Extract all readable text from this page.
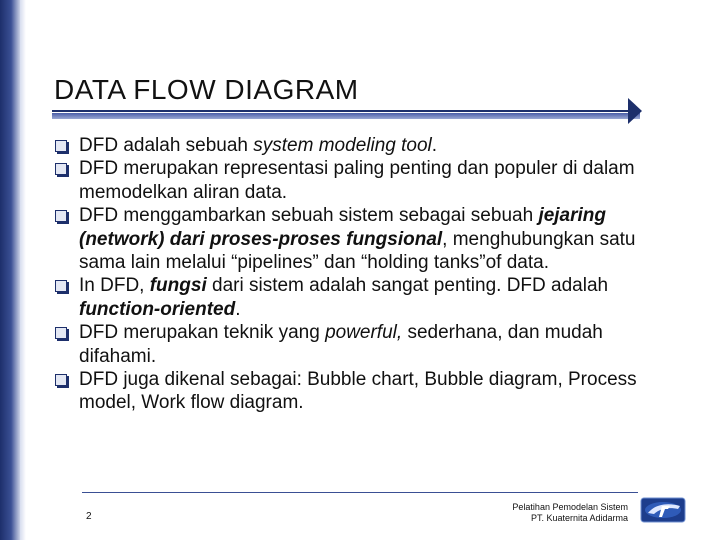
DATA FLOW DIAGRAM
DFD adalah sebuah system modeling tool.
DFD merupakan representasi paling penting dan populer di dalam memodelkan aliran data.
DFD menggambarkan sebuah sistem sebagai sebuah jejaring (network) dari proses-proses fungsional, menghubungkan satu sama lain melalui “pipelines” dan “holding tanks”of data.
In DFD, fungsi dari sistem adalah sangat penting. DFD adalah function-oriented.
DFD merupakan teknik yang powerful, sederhana, dan mudah difahami.
DFD juga dikenal sebagai: Bubble chart, Bubble diagram, Process model, Work flow diagram.
2
Pelatihan Pemodelan Sistem
PT. Kuaternita Adidarma
